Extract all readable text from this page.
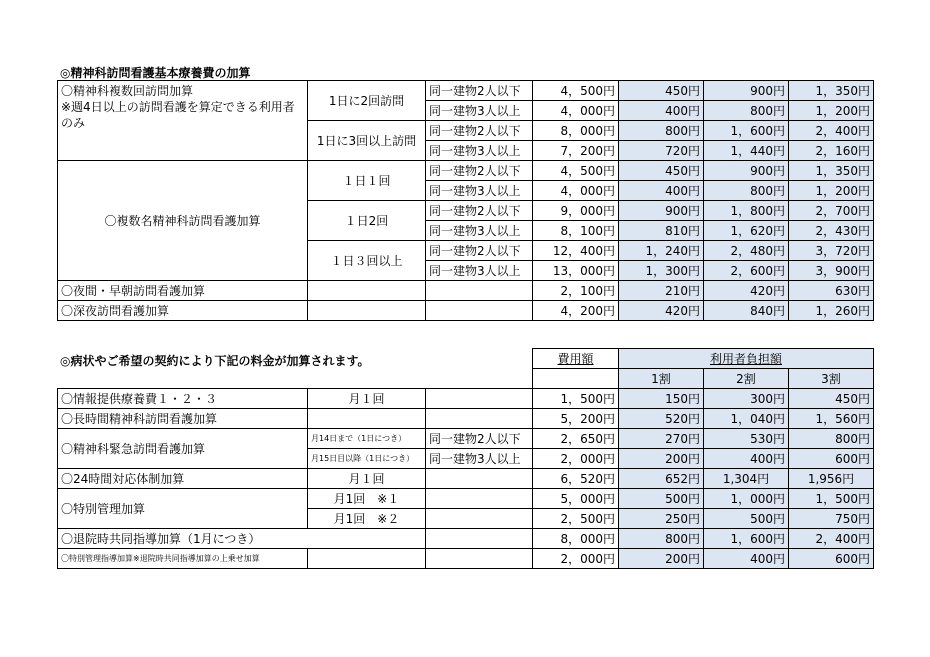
◎精神科訪問看護基本療養費の加算
〇精神科複数回訪問加算
※週4日以上の訪問看護を算定できる利用者のみ	1日に2回訪問	同一建物2人以下	4，500円	450円	900円	1，350円
		同一建物3人以上	4，000円	400円	800円	1，200円
	1日に3回以上訪問	同一建物2人以下	8，000円	800円	1，600円	2，400円
		同一建物3人以上	7，200円	720円	1，440円	2，160円
〇複数名精神科訪問看護加算	１日１回	同一建物2人以下	4，500円	450円	900円	1，350円
		同一建物3人以上	4，000円	400円	800円	1，200円
	１日2回	同一建物2人以下	9，000円	900円	1，800円	2，700円
		同一建物3人以上	8，100円	810円	1，620円	2，430円
	１日３回以上	同一建物2人以下	12，400円	1，240円	2，480円	3，720円
		同一建物3人以上	13，000円	1，300円	2，600円	3，900円
〇夜間・早朝訪問看護加算			2，100円	210円	420円	630円
〇深夜訪問看護加算			4，200円	420円	840円	1，260円
◎病状やご希望の契約により下記の料金が加算されます。
				費用額	利用者負担額		
				1割	2割	3割
〇情報提供療養費１・２・３	月１回		1，500円	150円	300円	450円
〇長時間精神科訪問看護加算			5，200円	520円	1，040円	1，560円
〇精神科緊急訪問看護加算	月14日まで（1日につき）	同一建物2人以下	2，650円	270円	530円	800円
	月15日目以降（1日につき）	同一建物3人以上	2，000円	200円	400円	600円
〇24時間対応体制加算	月１回		6，520円	652円	1,304円	1,956円
〇特別管理加算	月1回　※１		5，000円	500円	1，000円	1，500円
	月1回　※２		2，500円	250円	500円	750円
〇退院時共同指導加算（1月につき）			8，000円	800円	1，600円	2，400円
〇特別管理指導加算※退院時共同指導加算の上乗せ加算			2，000円	200円	400円	600円
